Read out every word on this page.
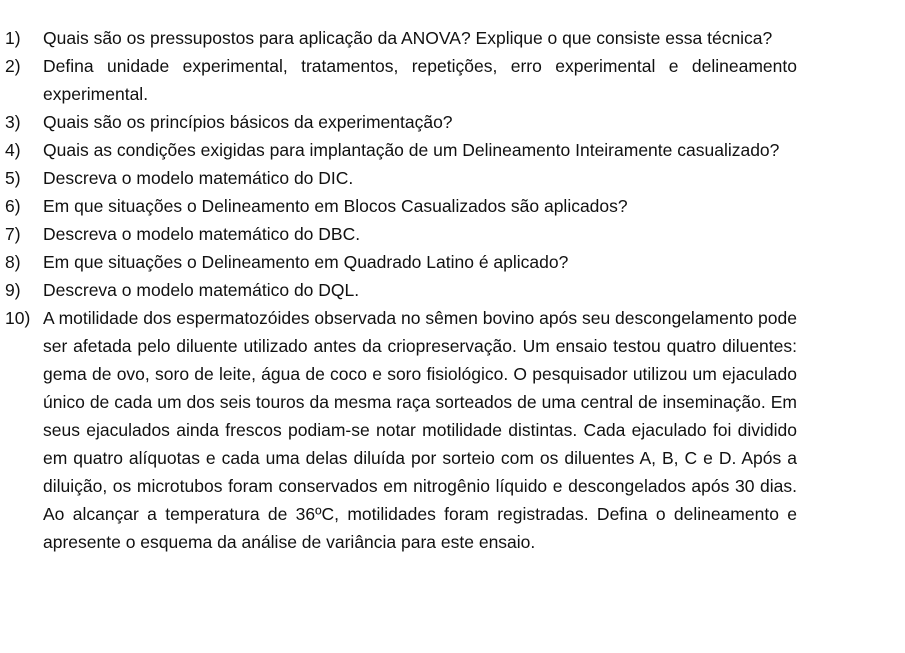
1)	Quais são os pressupostos para aplicação da ANOVA? Explique o que consiste essa técnica?
2)	Defina unidade experimental, tratamentos, repetições, erro experimental e delineamento experimental.
3)	Quais são os princípios básicos da experimentação?
4)	Quais as condições exigidas para implantação de um Delineamento Inteiramente casualizado?
5)	Descreva o modelo matemático do DIC.
6)	Em que situações o Delineamento em Blocos Casualizados são aplicados?
7)	Descreva o modelo matemático do DBC.
8)	Em que situações o Delineamento em Quadrado Latino é aplicado?
9)	Descreva o modelo matemático do DQL.
10) A motilidade dos espermatozóides observada no sêmen bovino após seu descongelamento pode ser afetada pelo diluente utilizado antes da criopreservação. Um ensaio testou quatro diluentes: gema de ovo, soro de leite, água de coco e soro fisiológico. O pesquisador utilizou um ejaculado único de cada um dos seis touros da mesma raça sorteados de uma central de inseminação. Em seus ejaculados ainda frescos podiam-se notar motilidade distintas. Cada ejaculado foi dividido em quatro alíquotas e cada uma delas diluída por sorteio com os diluentes A, B, C e D. Após a diluição, os microtubos foram conservados em nitrogênio líquido e descongelados após 30 dias. Ao alcançar a temperatura de 36ºC, motilidades foram registradas. Defina o delineamento e apresente o esquema da análise de variância para este ensaio.
